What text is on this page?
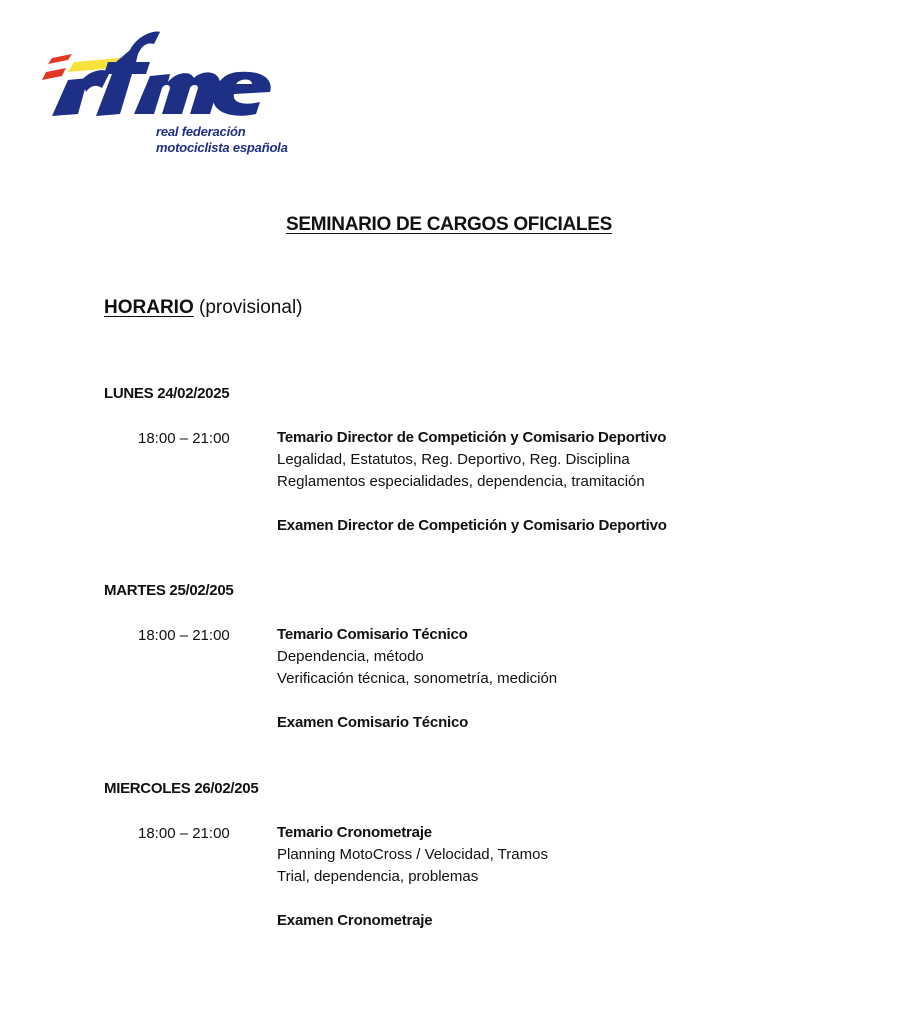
real federación
motociclista española
SEMINARIO DE CARGOS OFICIALES
HORARIO (provisional)
LUNES 24/02/2025
18:00 – 21:00	Temario Director de Competición y Comisario Deportivo
Legalidad, Estatutos, Reg. Deportivo, Reg. Disciplina
Reglamentos especialidades, dependencia, tramitación
Examen Director de Competición y Comisario Deportivo
MARTES 25/02/205
18:00 – 21:00	Temario Comisario Técnico
Dependencia, método
Verificación técnica, sonometría, medición
Examen Comisario Técnico
MIERCOLES 26/02/205
18:00 – 21:00	Temario Cronometraje
Planning MotoCross / Velocidad, Tramos
Trial, dependencia, problemas
Examen Cronometraje
